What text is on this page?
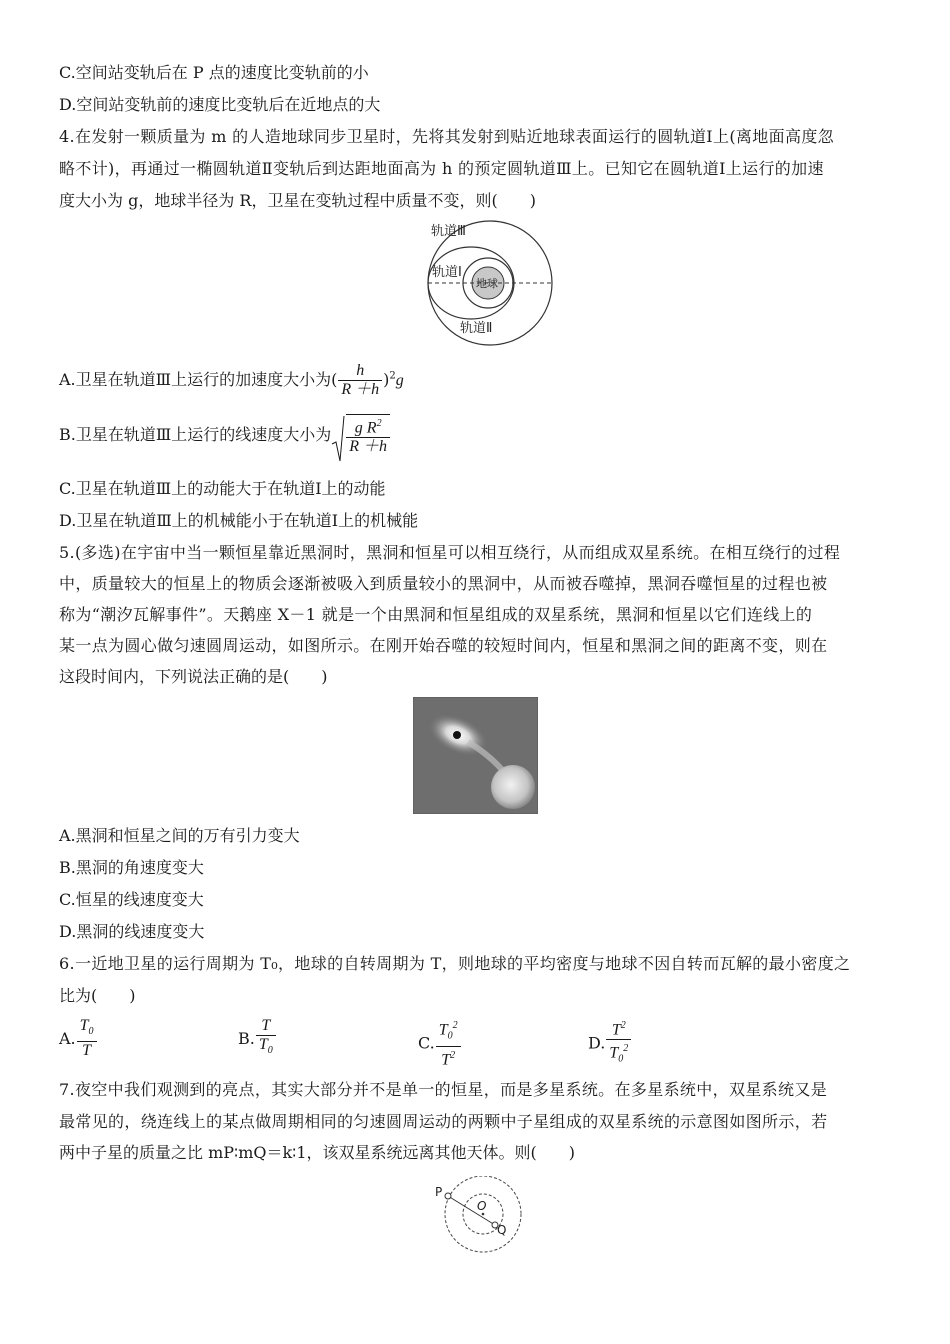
C.空间站变轨后在 P 点的速度比变轨前的小
D.空间站变轨前的速度比变轨后在近地点的大
4.在发射一颗质量为 m 的人造地球同步卫星时，先将其发射到贴近地球表面运行的圆轨道Ⅰ上(离地面高度忽
略不计)，再通过一椭圆轨道Ⅱ变轨后到达距地面高为 h 的预定圆轨道Ⅲ上。已知它在圆轨道Ⅰ上运行的加速
度大小为 g，地球半径为 R，卫星在变轨过程中质量不变，则(　　)
轨道Ⅲ
轨道Ⅰ
地球
轨道Ⅱ
A.卫星在轨道Ⅲ上运行的加速度大小为( $\frac{h}{R +h} )^2g$
B.卫星在轨道Ⅲ上运行的线速度大小为 $\frac{g R^2}{R +h}$
C.卫星在轨道Ⅲ上的动能大于在轨道Ⅰ上的动能
D.卫星在轨道Ⅲ上的机械能小于在轨道Ⅰ上的机械能
5.(多选)在宇宙中当一颗恒星靠近黑洞时，黑洞和恒星可以相互绕行，从而组成双星系统。在相互绕行的过程
中，质量较大的恒星上的物质会逐渐被吸入到质量较小的黑洞中，从而被吞噬掉，黑洞吞噬恒星的过程也被
称为“潮汐瓦解事件”。天鹅座 X－1 就是一个由黑洞和恒星组成的双星系统，黑洞和恒星以它们连线上的
某一点为圆心做匀速圆周运动，如图所示。在刚开始吞噬的较短时间内，恒星和黑洞之间的距离不变，则在
这段时间内，下列说法正确的是(　　)
A.黑洞和恒星之间的万有引力变大
B.黑洞的角速度变大
C.恒星的线速度变大
D.黑洞的线速度变大
6.一近地卫星的运行周期为 T₀，地球的自转周期为 T，则地球的平均密度与地球不因自转而瓦解的最小密度之
比为(　　)
A. $\frac{T_0}{T}$	B. $\frac{T}{T_0}$	C. $\frac{T_0^2}{T^2}$	D. $\frac{T^2}{T_0^2}$
7.夜空中我们观测到的亮点，其实大部分并不是单一的恒星，而是多星系统。在多星系统中，双星系统又是
最常见的，绕连线上的某点做周期相同的匀速圆周运动的两颗中子星组成的双星系统的示意图如图所示，若
两中子星的质量之比 mP∶mQ＝k∶1，该双星系统远离其他天体。则(　　)
P
O
Q
